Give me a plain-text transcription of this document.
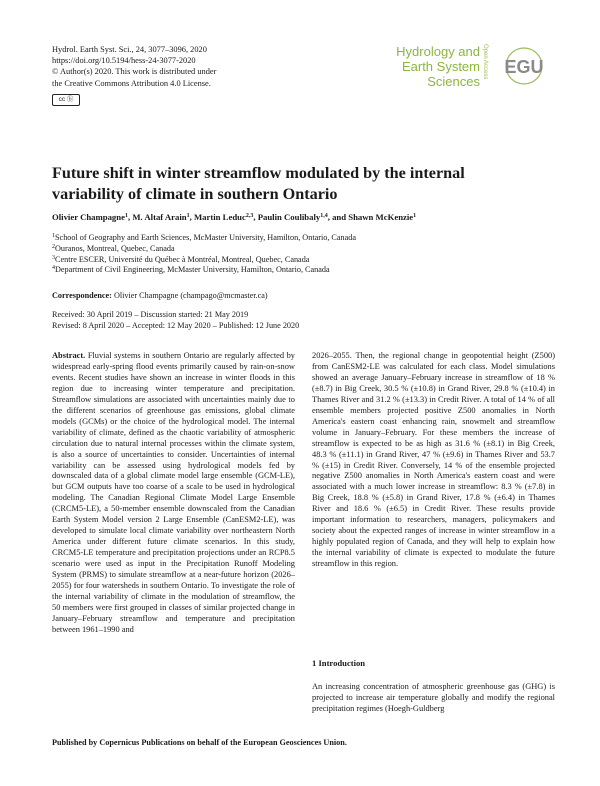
Hydrol. Earth Syst. Sci., 24, 3077–3096, 2020
https://doi.org/10.5194/hess-24-3077-2020
© Author(s) 2020. This work is distributed under
the Creative Commons Attribution 4.0 License.
cc ⓑ
Hydrology and
Earth System
Sciences
Open Access EGU
Future shift in winter streamflow modulated by the internal variability of climate in southern Ontario
Olivier Champagne$^1$, M. Altaf Arain$^1$, Martin Leduc$^{2,3}$, Paulin Coulibaly$^{1,4}$, and Shawn McKenzie$^1$
$^1$School of Geography and Earth Sciences, McMaster University, Hamilton, Ontario, Canada
$^2$Ouranos, Montreal, Quebec, Canada
$^3$Centre ESCER, Université du Québec à Montréal, Montreal, Quebec, Canada
$^4$Department of Civil Engineering, McMaster University, Hamilton, Ontario, Canada
Correspondence: Olivier Champagne (champago@mcmaster.ca)
Received: 30 April 2019 – Discussion started: 21 May 2019
Revised: 8 April 2020 – Accepted: 12 May 2020 – Published: 12 June 2020
Abstract. Fluvial systems in southern Ontario are regularly affected by widespread early-spring flood events primarily caused by rain-on-snow events. Recent studies have shown an increase in winter floods in this region due to increasing winter temperature and precipitation. Streamflow simulations are associated with uncertainties mainly due to the different scenarios of greenhouse gas emissions, global climate models (GCMs) or the choice of the hydrological model. The internal variability of climate, defined as the chaotic variability of atmospheric circulation due to natural internal processes within the climate system, is also a source of uncertainties to consider. Uncertainties of internal variability can be assessed using hydrological models fed by downscaled data of a global climate model large ensemble (GCM-LE), but GCM outputs have too coarse of a scale to be used in hydrological modeling. The Canadian Regional Climate Model Large Ensemble (CRCM5-LE), a 50-member ensemble downscaled from the Canadian Earth System Model version 2 Large Ensemble (CanESM2-LE), was developed to simulate local climate variability over northeastern North America under different future climate scenarios. In this study, CRCM5-LE temperature and precipitation projections under an RCP8.5 scenario were used as input in the Precipitation Runoff Modeling System (PRMS) to simulate streamflow at a near-future horizon (2026–2055) for four watersheds in southern Ontario. To investigate the role of the internal variability of climate in the modulation of streamflow, the 50 members were first grouped in classes of similar projected change in January–February streamflow and temperature and precipitation between 1961–1990 and
2026–2055. Then, the regional change in geopotential height (Z500) from CanESM2-LE was calculated for each class. Model simulations showed an average January–February increase in streamflow of 18 % (±8.7) in Big Creek, 30.5 % (±10.8) in Grand River, 29.8 % (±10.4) in Thames River and 31.2 % (±13.3) in Credit River. A total of 14 % of all ensemble members projected positive Z500 anomalies in North America's eastern coast enhancing rain, snowmelt and streamflow volume in January–February. For these members the increase of streamflow is expected to be as high as 31.6 % (±8.1) in Big Creek, 48.3 % (±11.1) in Grand River, 47 % (±9.6) in Thames River and 53.7 % (±15) in Credit River. Conversely, 14 % of the ensemble projected negative Z500 anomalies in North America's eastern coast and were associated with a much lower increase in streamflow: 8.3 % (±7.8) in Big Creek, 18.8 % (±5.8) in Grand River, 17.8 % (±6.4) in Thames River and 18.6 % (±6.5) in Credit River. These results provide important information to researchers, managers, policymakers and society about the expected ranges of increase in winter streamflow in a highly populated region of Canada, and they will help to explain how the internal variability of climate is expected to modulate the future streamflow in this region.
1 Introduction
An increasing concentration of atmospheric greenhouse gas (GHG) is projected to increase air temperature globally and modify the regional precipitation regimes (Hoegh-Guldberg
Published by Copernicus Publications on behalf of the European Geosciences Union.
